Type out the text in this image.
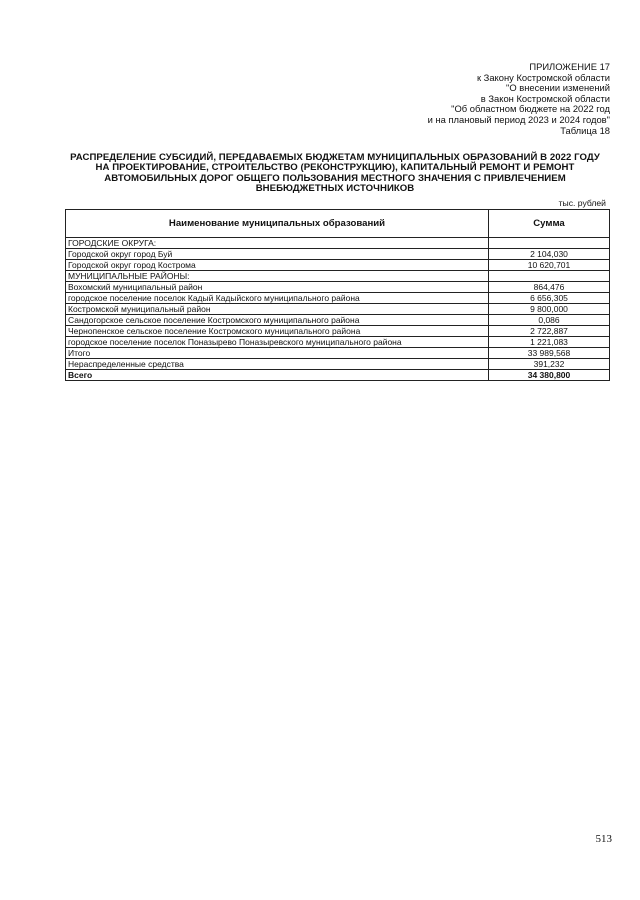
ПРИЛОЖЕНИЕ 17
к Закону Костромской области
"О внесении изменений
в Закон Костромской области
"Об областном бюджете на 2022 год
и на плановый период 2023 и 2024 годов"
Таблица 18
РАСПРЕДЕЛЕНИЕ СУБСИДИЙ, ПЕРЕДАВАЕМЫХ БЮДЖЕТАМ МУНИЦИПАЛЬНЫХ ОБРАЗОВАНИЙ В 2022 ГОДУ
НА ПРОЕКТИРОВАНИЕ, СТРОИТЕЛЬСТВО (РЕКОНСТРУКЦИЮ), КАПИТАЛЬНЫЙ РЕМОНТ И РЕМОНТ
АВТОМОБИЛЬНЫХ ДОРОГ ОБЩЕГО ПОЛЬЗОВАНИЯ МЕСТНОГО ЗНАЧЕНИЯ С ПРИВЛЕЧЕНИЕМ
ВНЕБЮДЖЕТНЫХ ИСТОЧНИКОВ
тыс. рублей
Наименование муниципальных образований	Сумма
ГОРОДСКИЕ ОКРУГА:	
Городской округ город Буй	2 104,030
Городской округ город Кострома	10 620,701
МУНИЦИПАЛЬНЫЕ РАЙОНЫ:	
Вохомский муниципальный район	864,476
городское поселение поселок Кадый Кадыйского муниципального района	6 656,305
Костромской муниципальный район	9 800,000
Сандогорское сельское поселение Костромского муниципального района	0,086
Чернопенское сельское поселение Костромского муниципального района	2 722,887
городское поселение поселок Поназырево Поназыревского муниципального района	1 221,083
Итого	33 989,568
Нераспределенные средства	391,232
Всего	34 380,800
513
